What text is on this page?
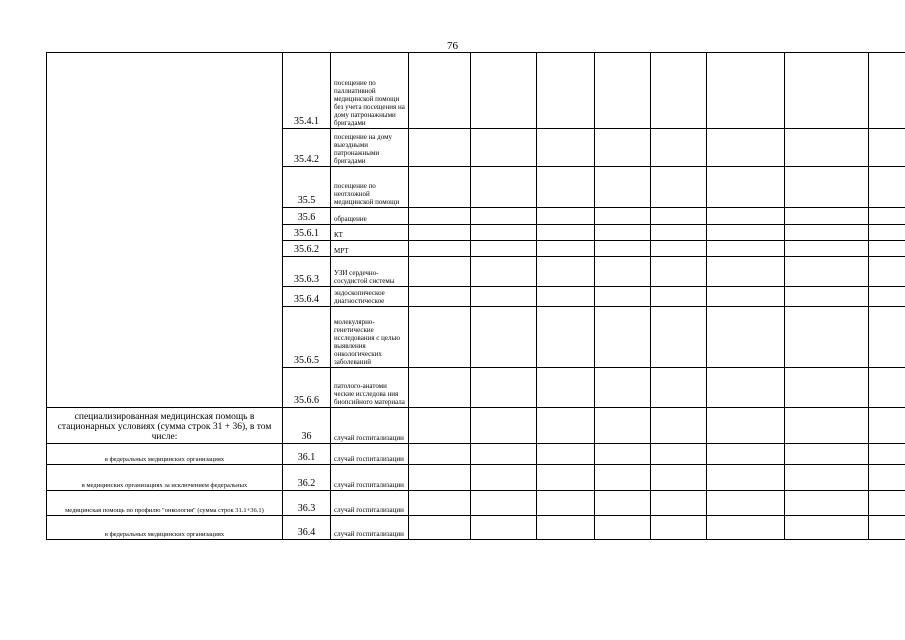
76
	35.4.1	посещение по паллиативной медицинской помощи без учета посещения на дому патронажными бригадами								
	35.4.2	посещение на дому выездными патронажными бригадами								
	35.5	посещение по неотложной медицинской помощи								
	35.6	обращение								
	35.6.1	КТ								
	35.6.2	МРТ								
	35.6.3	УЗИ сердечно-сосудистой системы								
	35.6.4	эндоскопическое диагностическое								
	35.6.5	молекулярно-генетические исследования с целью выявления онкологических заболеваний								
	35.6.6	патолого-анатоми ческие исследова ния биопсийного материала								
специализированная медицинская помощь в стационарных условиях (сумма строк 31 + 36), в том числе:	36	случай госпитализации								
в федеральных медицинских организациях	36.1	случай госпитализации								
в медицинских организациях за исключением федеральных	36.2	случай госпитализации								
медицинская помощь по профилю "онкология" (сумма строк 31.1+36.1)	36.3	случай госпитализации								
в федеральных медицинских организациях	36.4	случай госпитализации								
